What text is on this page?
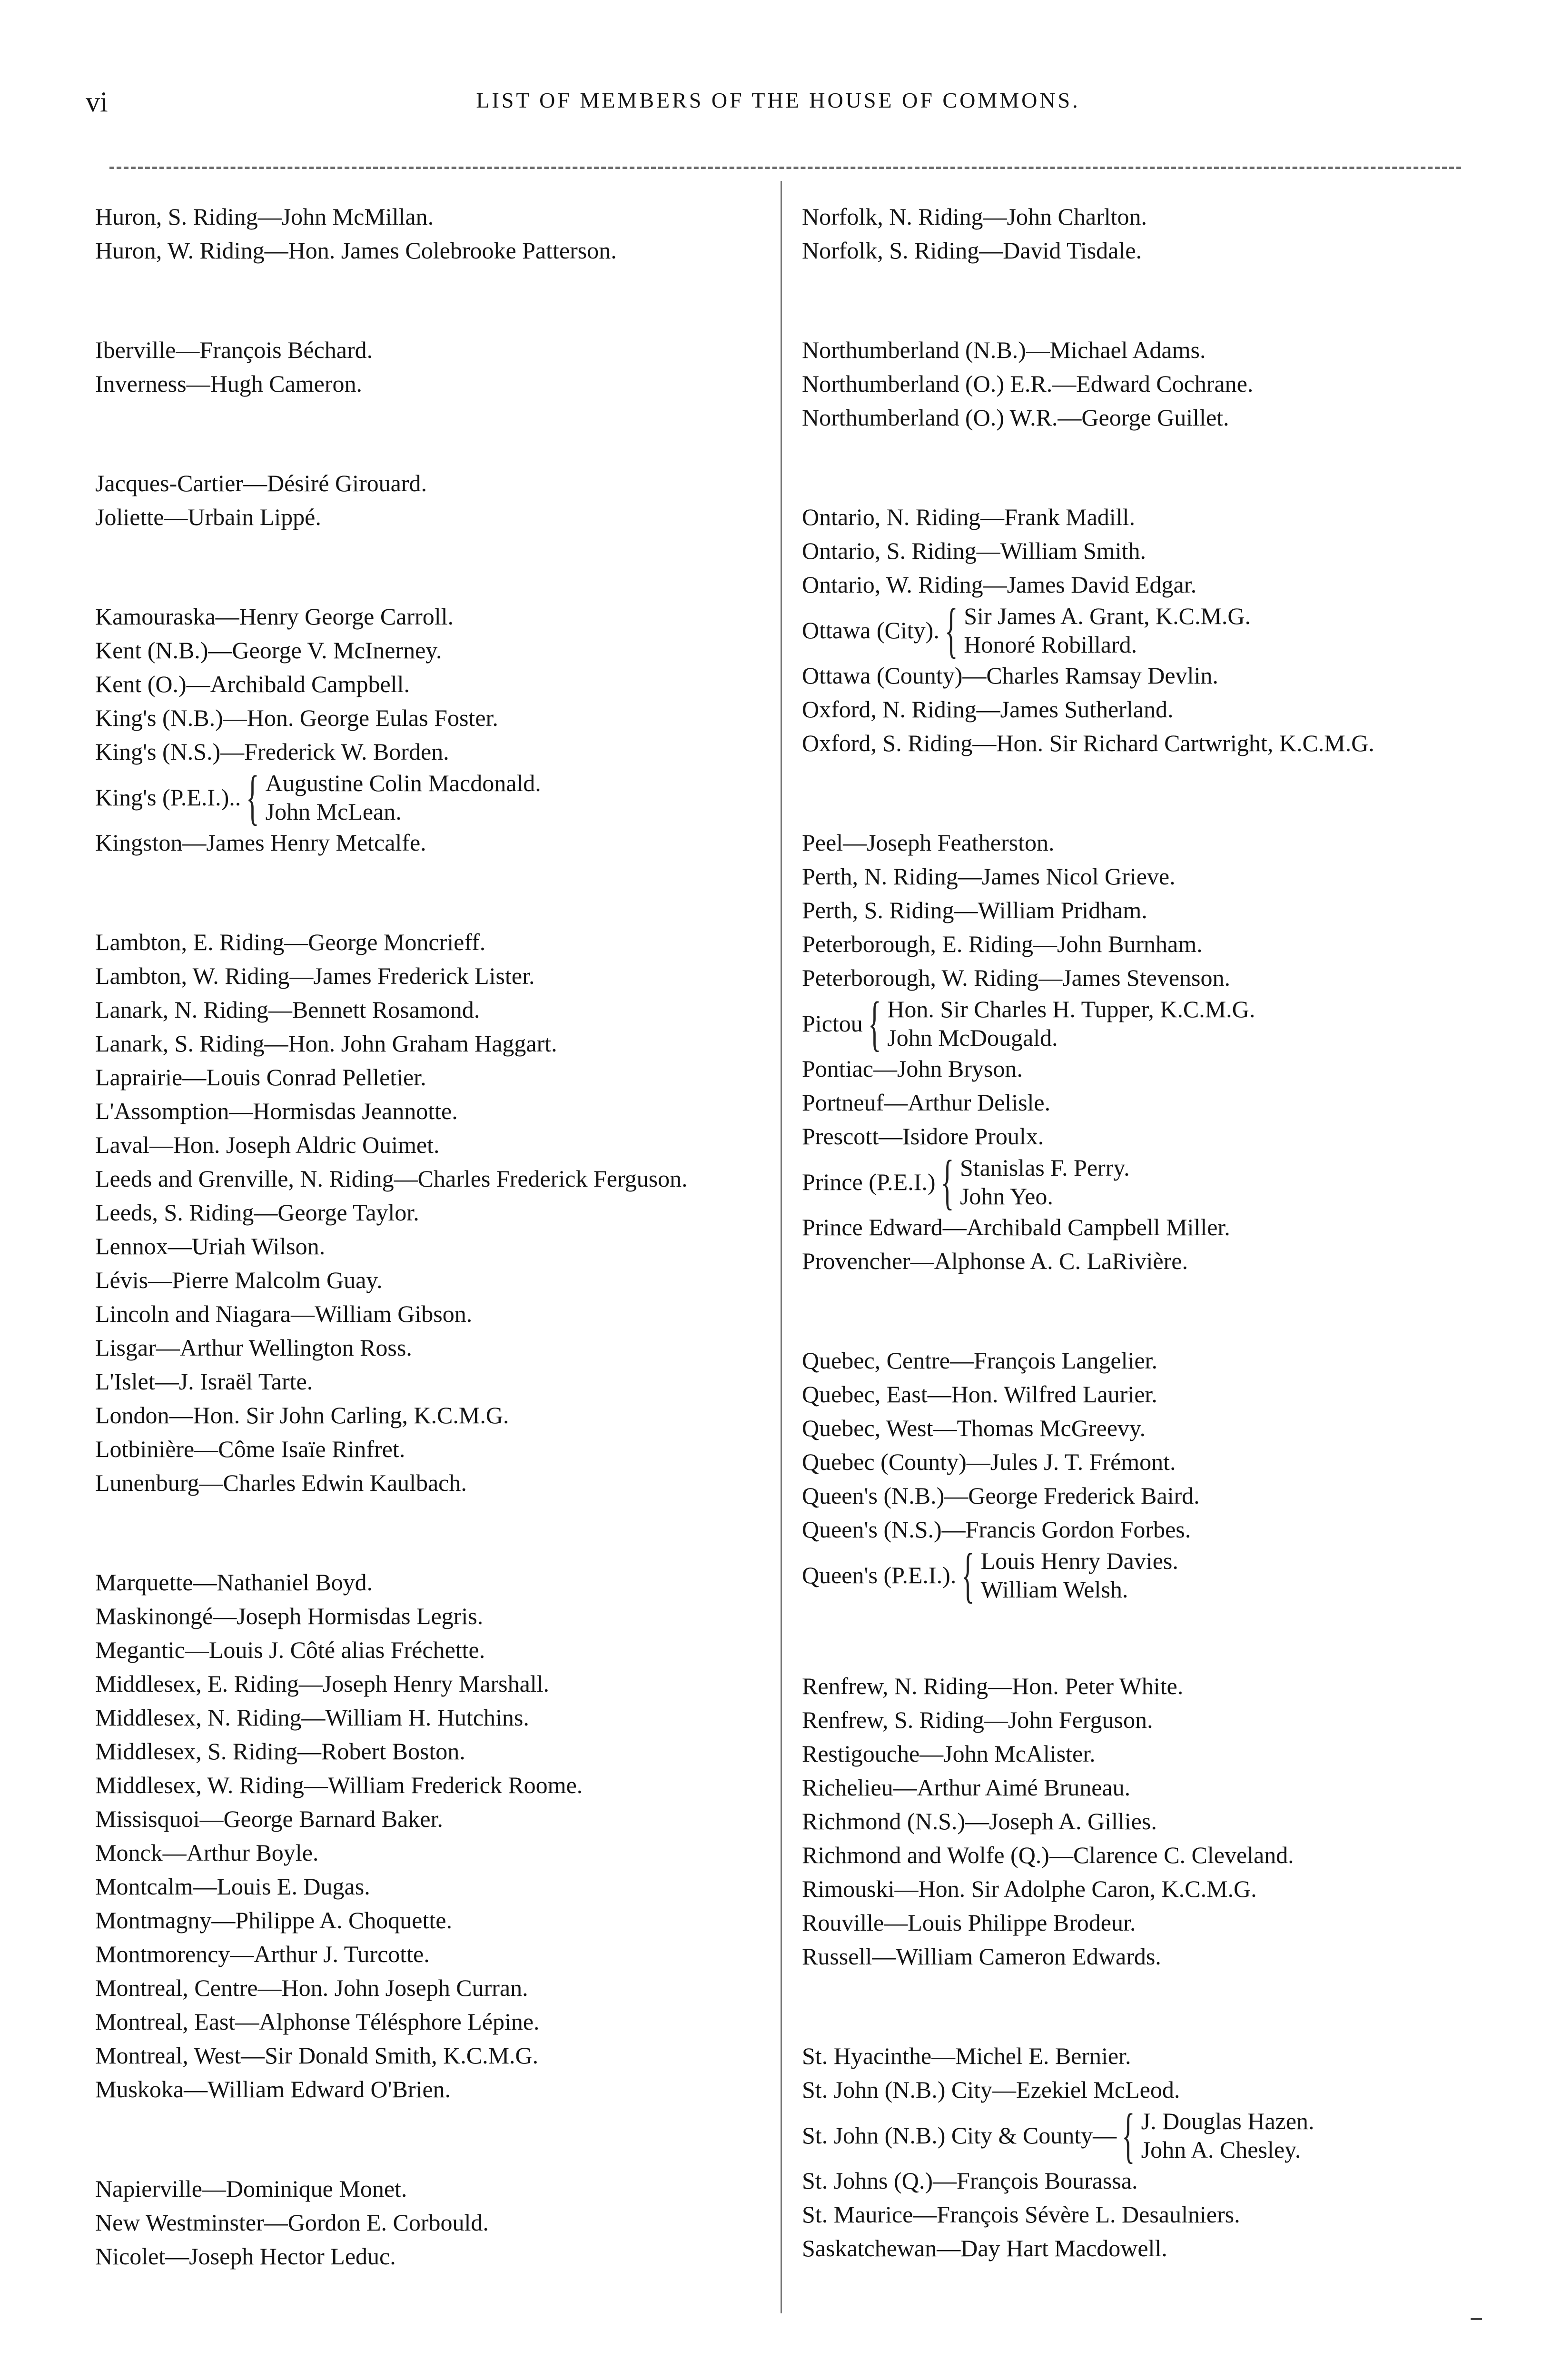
vi	LIST OF MEMBERS OF THE HOUSE OF COMMONS.
Huron, S. Riding—John McMillan.
Huron, W. Riding—Hon. James Colebrooke Patterson.
Iberville—François Béchard.
Inverness—Hugh Cameron.
Jacques-Cartier—Désiré Girouard.
Joliette—Urbain Lippé.
Kamouraska—Henry George Carroll.
Kent (N.B.)—George V. McInerney.
Kent (O.)—Archibald Campbell.
King's (N.B.)—Hon. George Eulas Foster.
King's (N.S.)—Frederick W. Borden.
King's (P.E.I.).. { Augustine Colin Macdonald.
John McLean.
Kingston—James Henry Metcalfe.
Lambton, E. Riding—George Moncrieff.
Lambton, W. Riding—James Frederick Lister.
Lanark, N. Riding—Bennett Rosamond.
Lanark, S. Riding—Hon. John Graham Haggart.
Laprairie—Louis Conrad Pelletier.
L'Assomption—Hormisdas Jeannotte.
Laval—Hon. Joseph Aldric Ouimet.
Leeds and Grenville, N. Riding—Charles Frederick Ferguson.
Leeds, S. Riding—George Taylor.
Lennox—Uriah Wilson.
Lévis—Pierre Malcolm Guay.
Lincoln and Niagara—William Gibson.
Lisgar—Arthur Wellington Ross.
L'Islet—J. Israël Tarte.
London—Hon. Sir John Carling, K.C.M.G.
Lotbinière—Côme Isaïe Rinfret.
Lunenburg—Charles Edwin Kaulbach.
Marquette—Nathaniel Boyd.
Maskinongé—Joseph Hormisdas Legris.
Megantic—Louis J. Côté alias Fréchette.
Middlesex, E. Riding—Joseph Henry Marshall.
Middlesex, N. Riding—William H. Hutchins.
Middlesex, S. Riding—Robert Boston.
Middlesex, W. Riding—William Frederick Roome.
Missisquoi—George Barnard Baker.
Monck—Arthur Boyle.
Montcalm—Louis E. Dugas.
Montmagny—Philippe A. Choquette.
Montmorency—Arthur J. Turcotte.
Montreal, Centre—Hon. John Joseph Curran.
Montreal, East—Alphonse Télésphore Lépine.
Montreal, West—Sir Donald Smith, K.C.M.G.
Muskoka—William Edward O'Brien.
Napierville—Dominique Monet.
New Westminster—Gordon E. Corbould.
Nicolet—Joseph Hector Leduc.
Norfolk, N. Riding—John Charlton.
Norfolk, S. Riding—David Tisdale.
Northumberland (N.B.)—Michael Adams.
Northumberland (O.) E.R.—Edward Cochrane.
Northumberland (O.) W.R.—George Guillet.
Ontario, N. Riding—Frank Madill.
Ontario, S. Riding—William Smith.
Ontario, W. Riding—James David Edgar.
Ottawa (City). { Sir James A. Grant, K.C.M.G.
Honoré Robillard.
Ottawa (County)—Charles Ramsay Devlin.
Oxford, N. Riding—James Sutherland.
Oxford, S. Riding—Hon. Sir Richard Cartwright, K.C.M.G.
Peel—Joseph Featherston.
Perth, N. Riding—James Nicol Grieve.
Perth, S. Riding—William Pridham.
Peterborough, E. Riding—John Burnham.
Peterborough, W. Riding—James Stevenson.
Pictou { Hon. Sir Charles H. Tupper, K.C.M.G.
John McDougald.
Pontiac—John Bryson.
Portneuf—Arthur Delisle.
Prescott—Isidore Proulx.
Prince (P.E.I.) { Stanislas F. Perry.
John Yeo.
Prince Edward—Archibald Campbell Miller.
Provencher—Alphonse A. C. LaRivière.
Quebec, Centre—François Langelier.
Quebec, East—Hon. Wilfred Laurier.
Quebec, West—Thomas McGreevy.
Quebec (County)—Jules J. T. Frémont.
Queen's (N.B.)—George Frederick Baird.
Queen's (N.S.)—Francis Gordon Forbes.
Queen's (P.E.I.). { Louis Henry Davies.
William Welsh.
Renfrew, N. Riding—Hon. Peter White.
Renfrew, S. Riding—John Ferguson.
Restigouche—John McAlister.
Richelieu—Arthur Aimé Bruneau.
Richmond (N.S.)—Joseph A. Gillies.
Richmond and Wolfe (Q.)—Clarence C. Cleveland.
Rimouski—Hon. Sir Adolphe Caron, K.C.M.G.
Rouville—Louis Philippe Brodeur.
Russell—William Cameron Edwards.
St. Hyacinthe—Michel E. Bernier.
St. John (N.B.) City—Ezekiel McLeod.
St. John (N.B.) City & County— { J. Douglas Hazen.
John A. Chesley.
St. Johns (Q.)—François Bourassa.
St. Maurice—François Sévère L. Desaulniers.
Saskatchewan—Day Hart Macdowell.
